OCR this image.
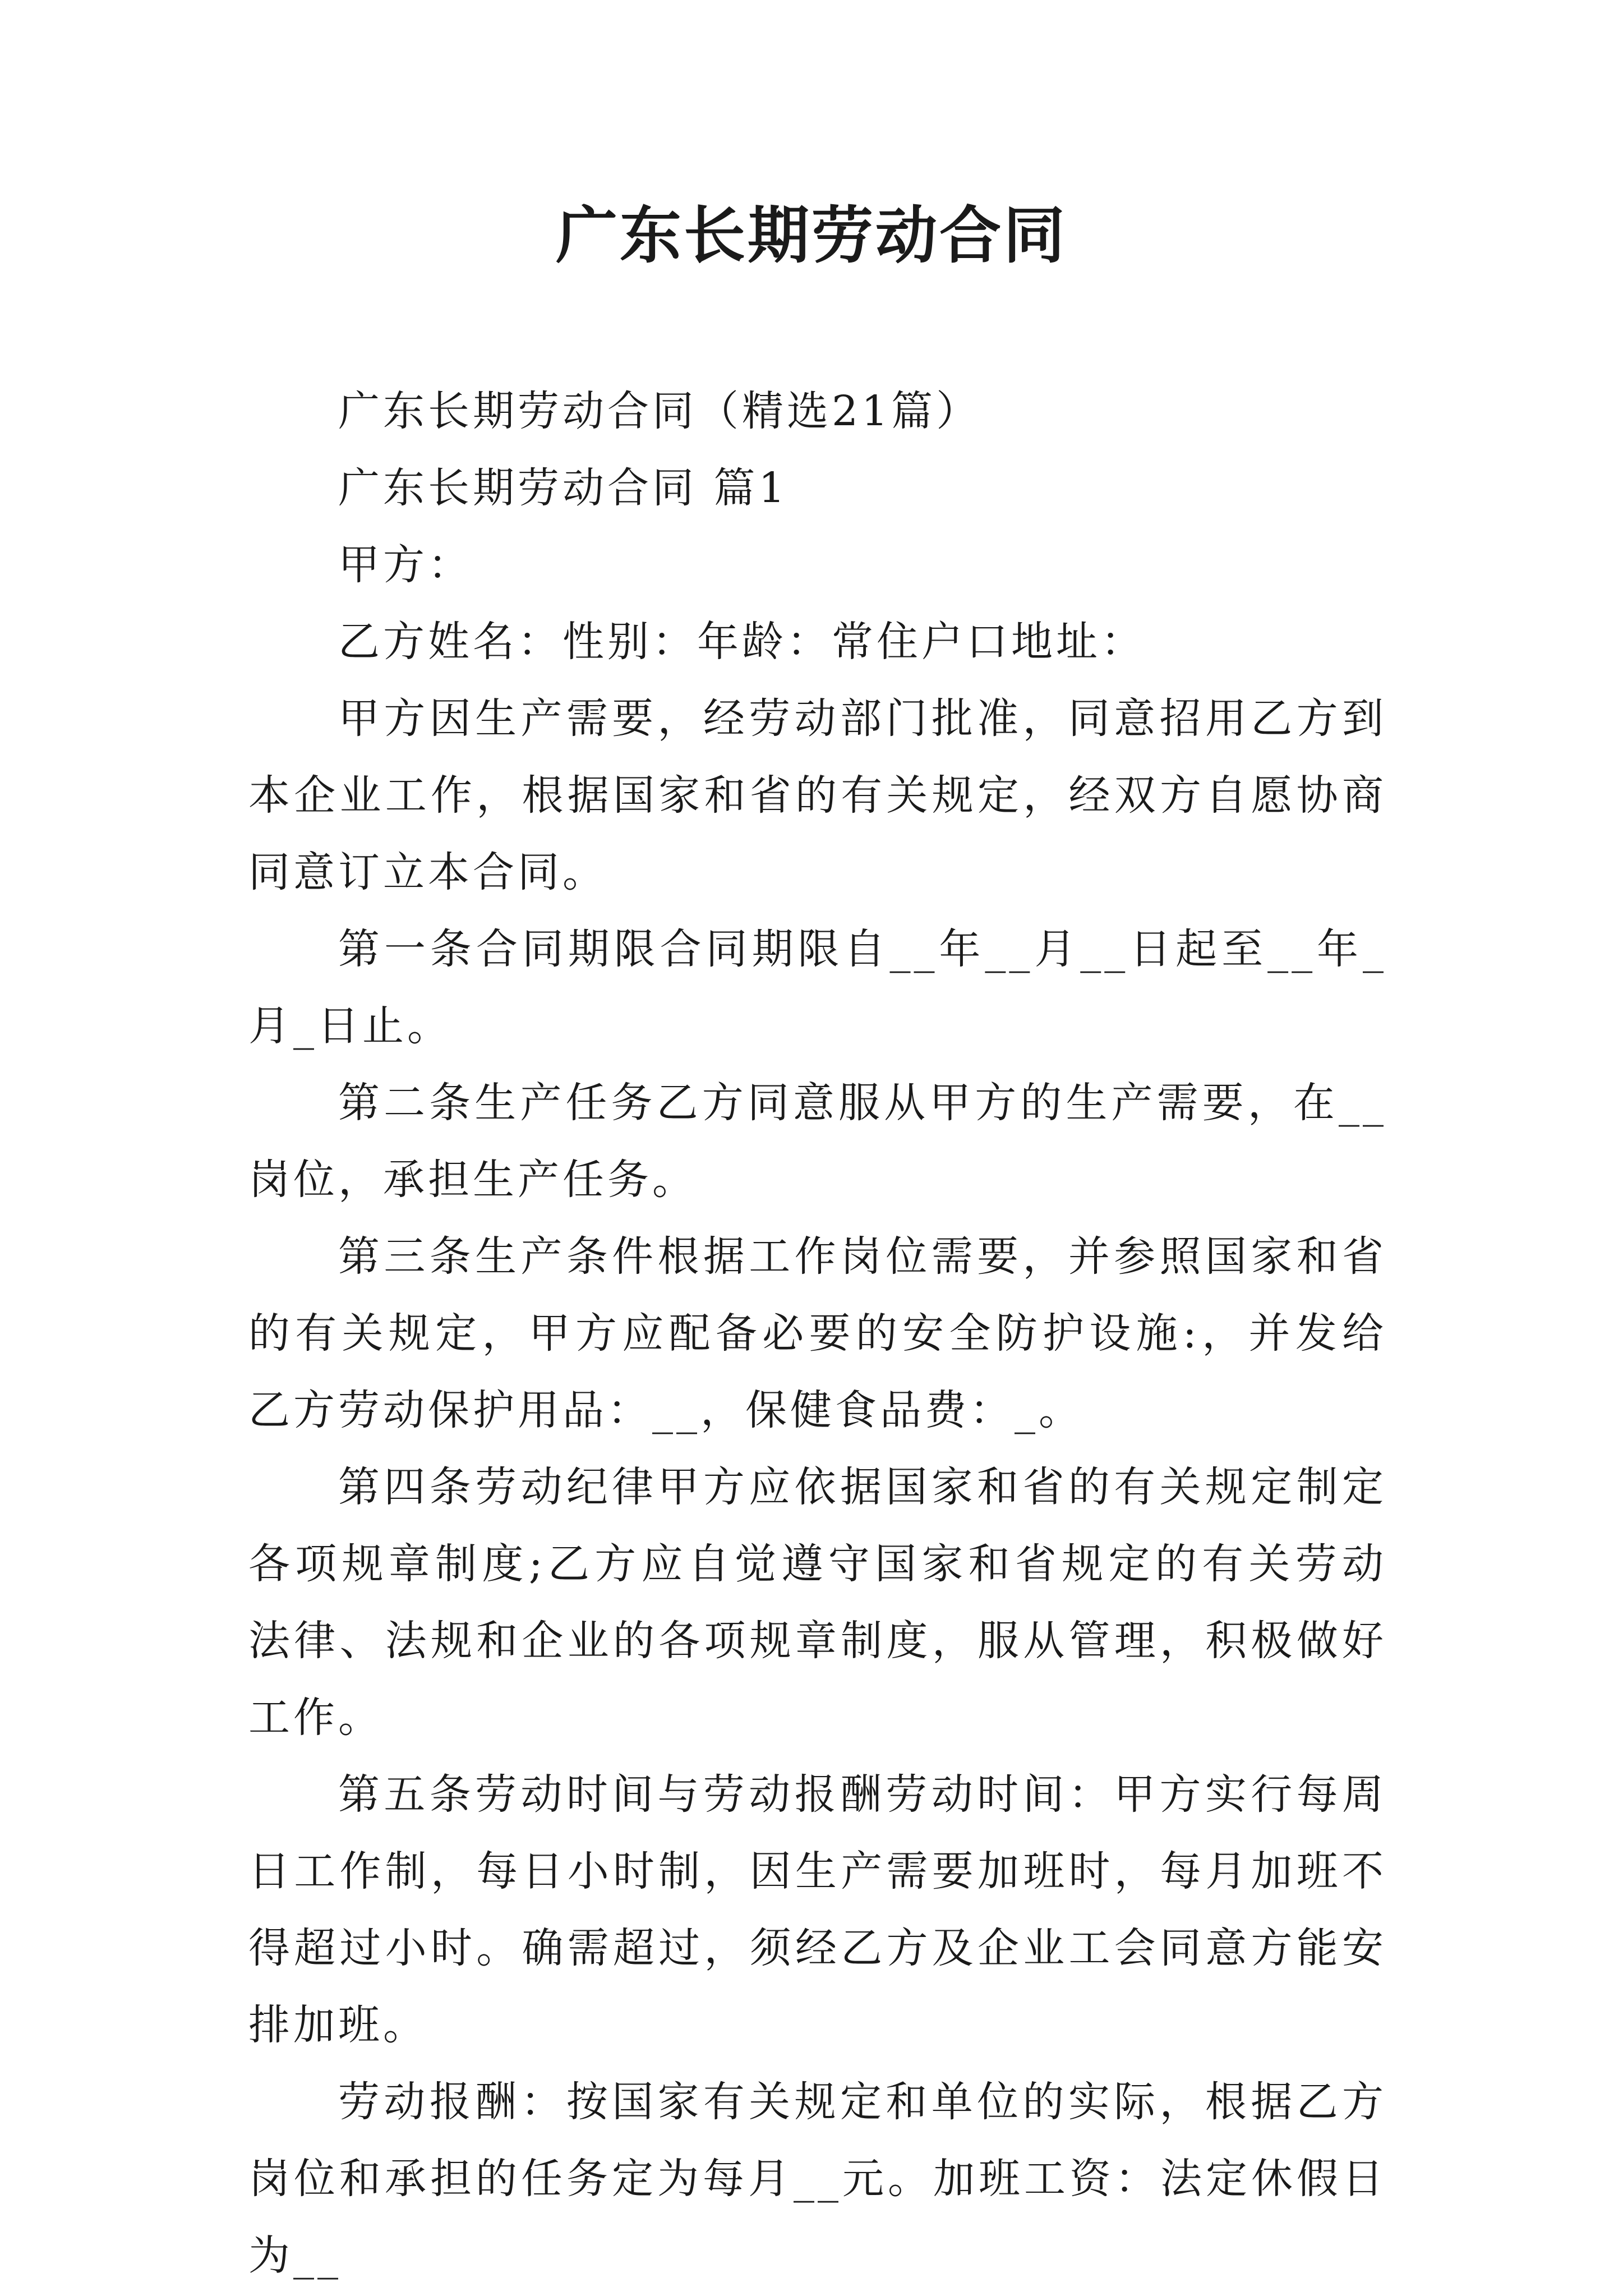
广东长期劳动合同

广东长期劳动合同（精选21篇）

广东长期劳动合同 篇1

甲方：

乙方姓名：性别：年龄：常住户口地址：

甲方因生产需要，经劳动部门批准，同意招用乙方到本企业工作，根据国家和省的有关规定，经双方自愿协商同意订立本合同。

第一条合同期限合同期限自__年__月__日起至__年_月_日止。

第二条生产任务乙方同意服从甲方的生产需要，在__岗位，承担生产任务。

第三条生产条件根据工作岗位需要，并参照国家和省的有关规定，甲方应配备必要的安全防护设施:，并发给乙方劳动保护用品：__，保健食品费：_。

第四条劳动纪律甲方应依据国家和省的有关规定制定各项规章制度;乙方应自觉遵守国家和省规定的有关劳动法律、法规和企业的各项规章制度，服从管理，积极做好工作。

第五条劳动时间与劳动报酬劳动时间：甲方实行每周日工作制，每日小时制，因生产需要加班时，每月加班不得超过小时。确需超过，须经乙方及企业工会同意方能安排加班。

劳动报酬：按国家有关规定和单位的实际，根据乙方岗位和承担的任务定为每月__元。加班工资：法定休假日为__
